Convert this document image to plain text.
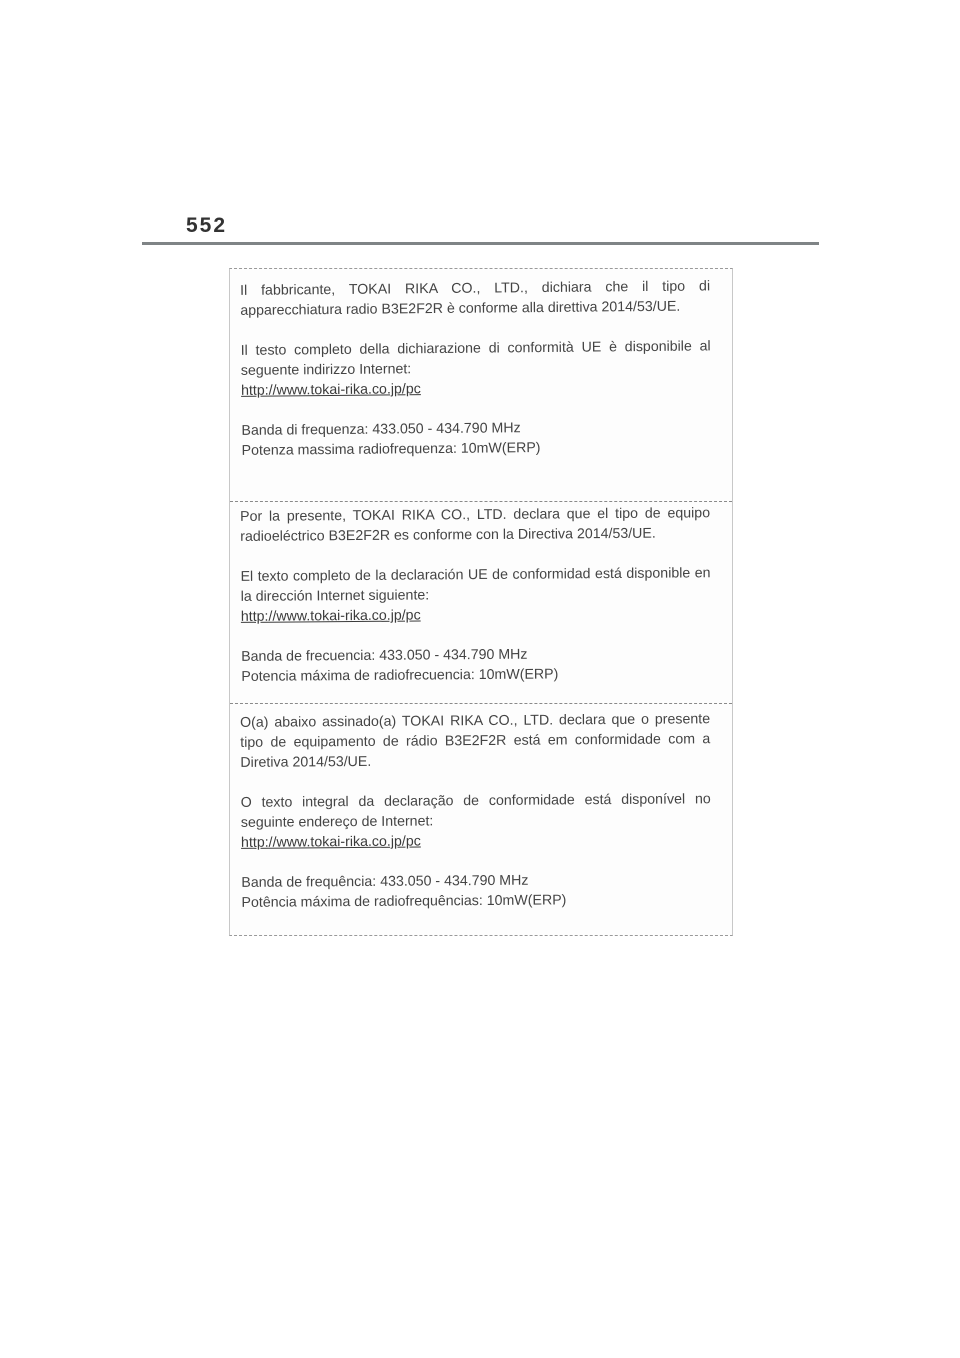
552

Il fabbricante, TOKAI RIKA CO., LTD., dichiara che il tipo di apparecchiatura radio B3E2F2R è conforme alla direttiva 2014/53/UE.

Il testo completo della dichiarazione di conformità UE è disponibile al seguente indirizzo Internet:
http://www.tokai-rika.co.jp/pc

Banda di frequenza: 433.050 - 434.790 MHz
Potenza massima radiofrequenza: 10mW(ERP)

Por la presente, TOKAI RIKA CO., LTD. declara que el tipo de equipo radioeléctrico B3E2F2R es conforme con la Directiva 2014/53/UE.

El texto completo de la declaración UE de conformidad está disponible en la dirección Internet siguiente:
http://www.tokai-rika.co.jp/pc

Banda de frecuencia: 433.050 - 434.790 MHz
Potencia máxima de radiofrecuencia: 10mW(ERP)

O(a) abaixo assinado(a) TOKAI RIKA CO., LTD. declara que o presente tipo de equipamento de rádio B3E2F2R está em conformidade com a Diretiva 2014/53/UE.

O texto integral da declaração de conformidade está disponível no seguinte endereço de Internet:
http://www.tokai-rika.co.jp/pc

Banda de frequência: 433.050 - 434.790 MHz
Potência máxima de radiofrequências: 10mW(ERP)
